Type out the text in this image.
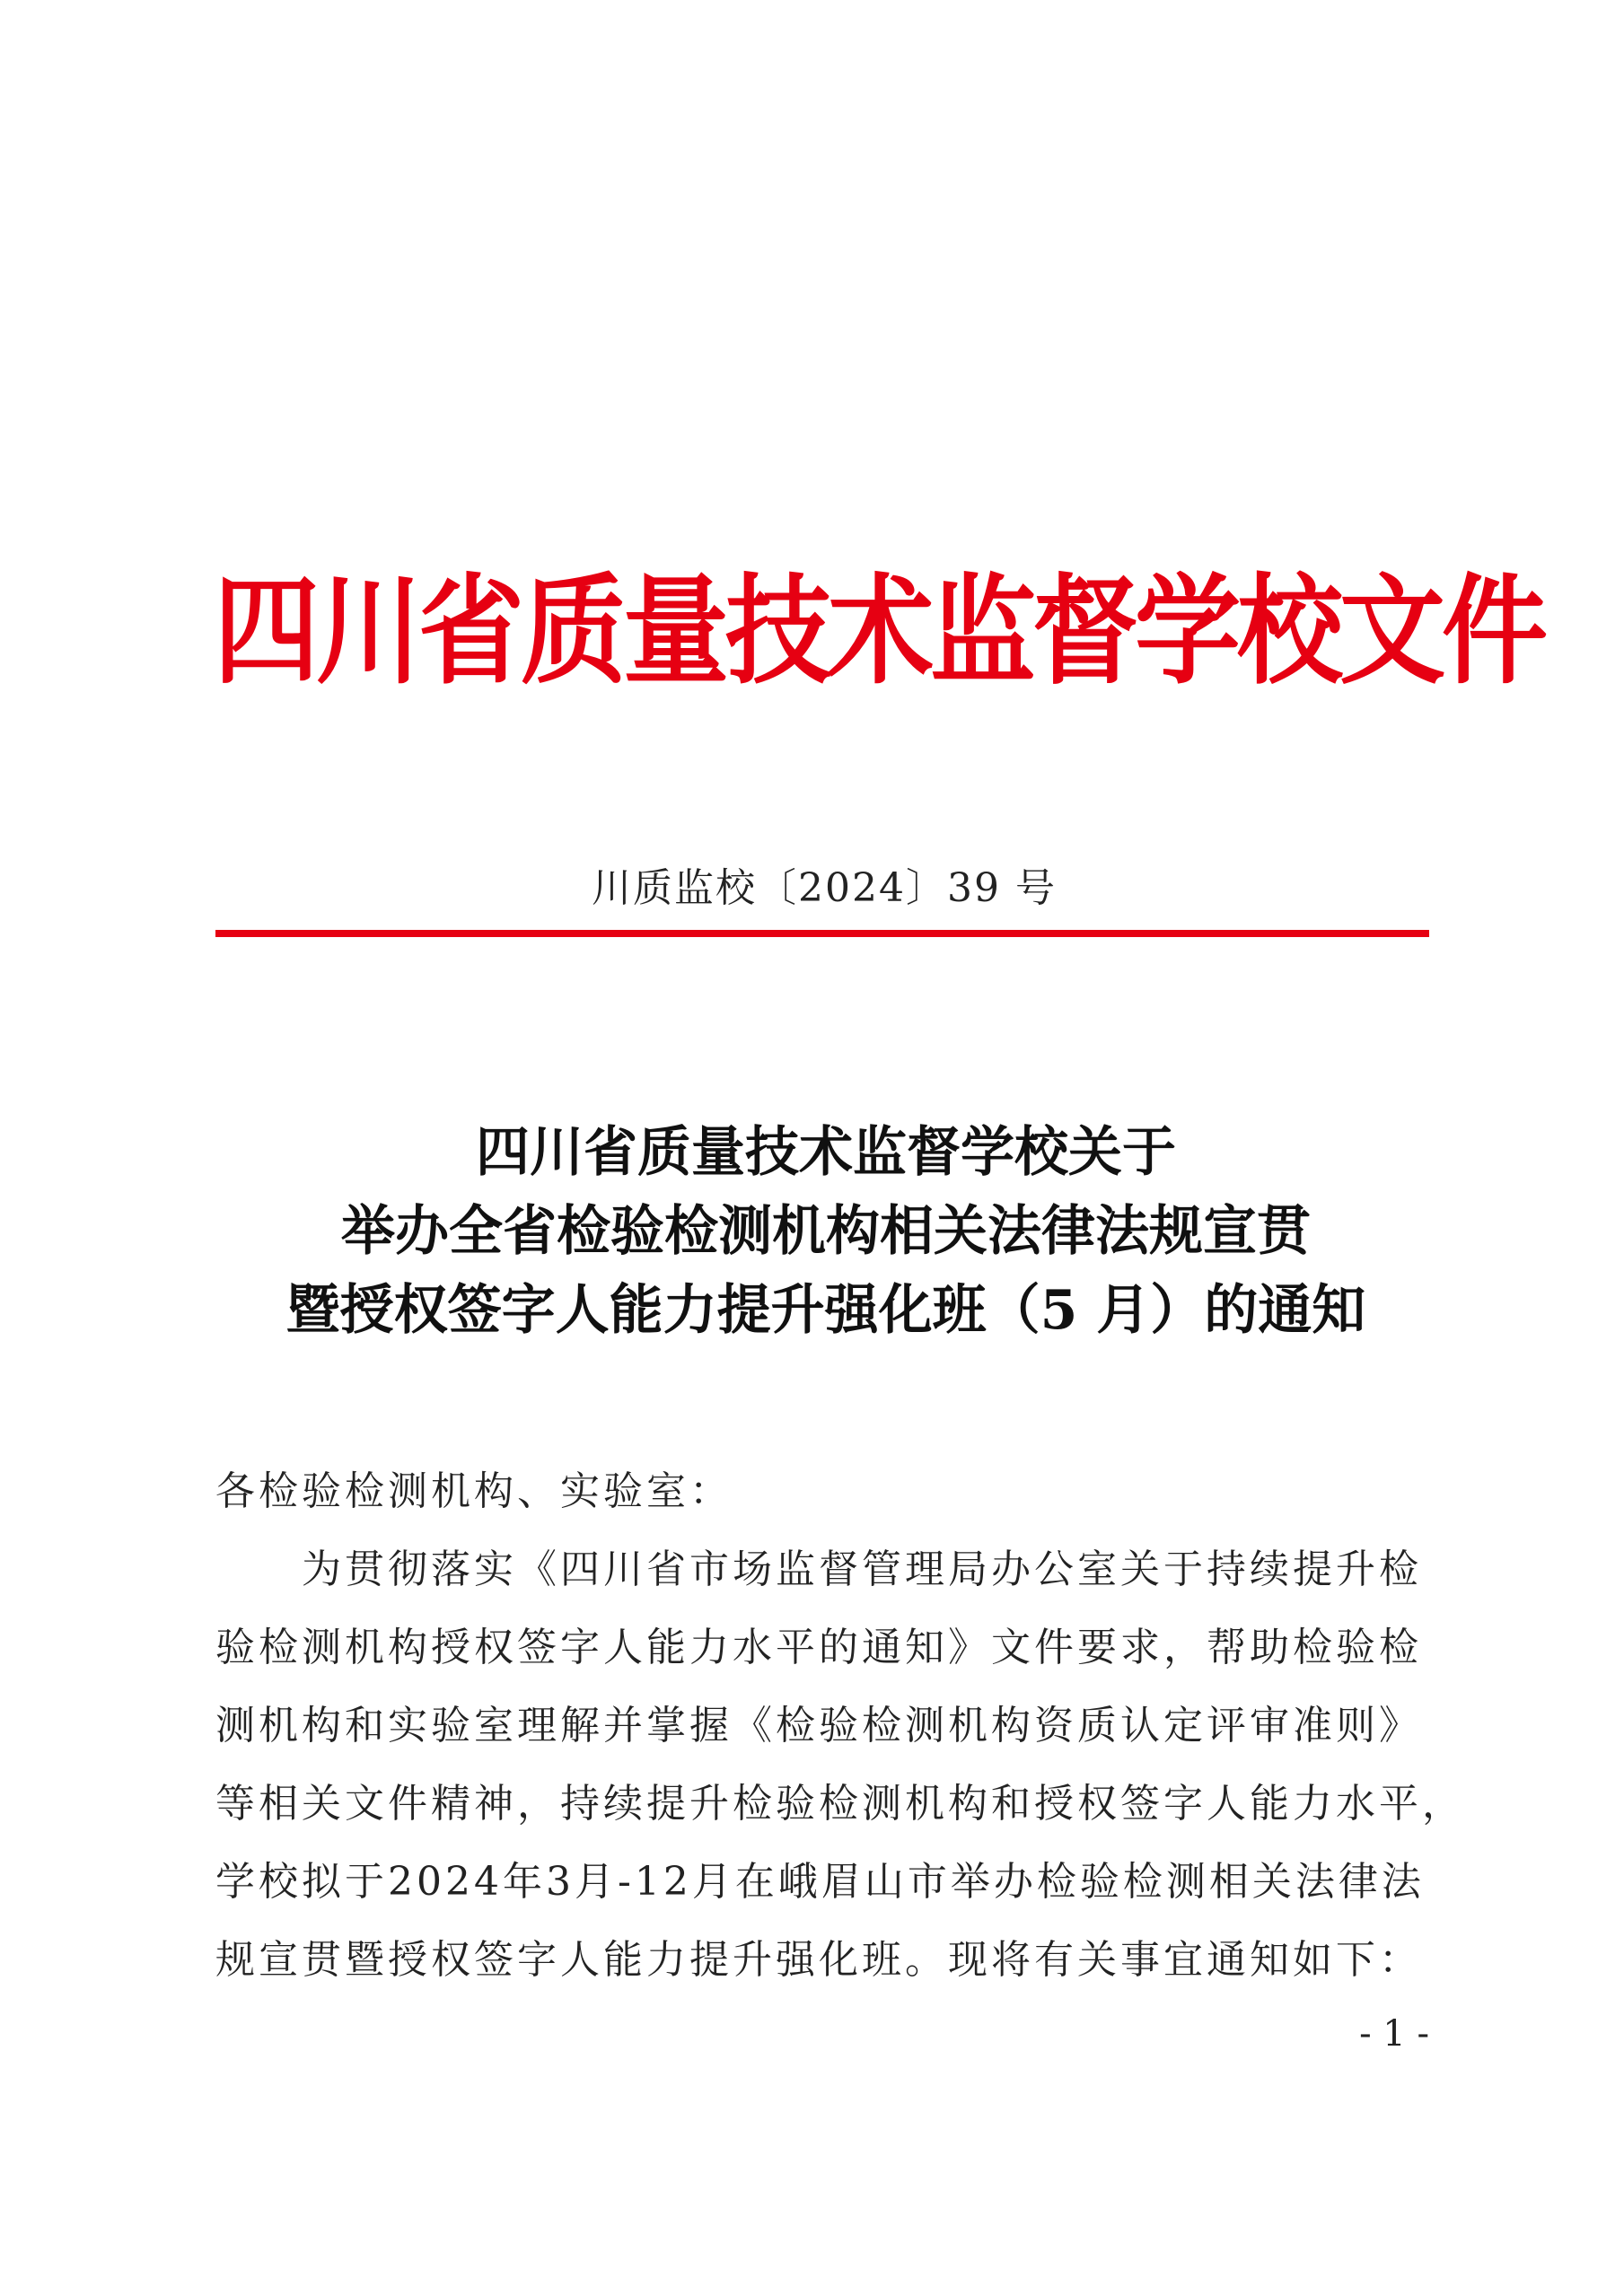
四川省质量技术监督学校文件
川质监校〔2024〕39 号
四川省质量技术监督学校关于
举办全省检验检测机构相关法律法规宣贯
暨授权签字人能力提升强化班（5 月）的通知
各检验检测机构、实验室：
　　为贯彻落实《四川省市场监督管理局办公室关于持续提升检
验检测机构授权签字人能力水平的通知》文件要求，帮助检验检
测机构和实验室理解并掌握《检验检测机构资质认定评审准则》
等相关文件精神，持续提升检验检测机构和授权签字人能力水平，
学校拟于2024年3月-12月在峨眉山市举办检验检测相关法律法
规宣贯暨授权签字人能力提升强化班。现将有关事宜通知如下：
- 1 -
